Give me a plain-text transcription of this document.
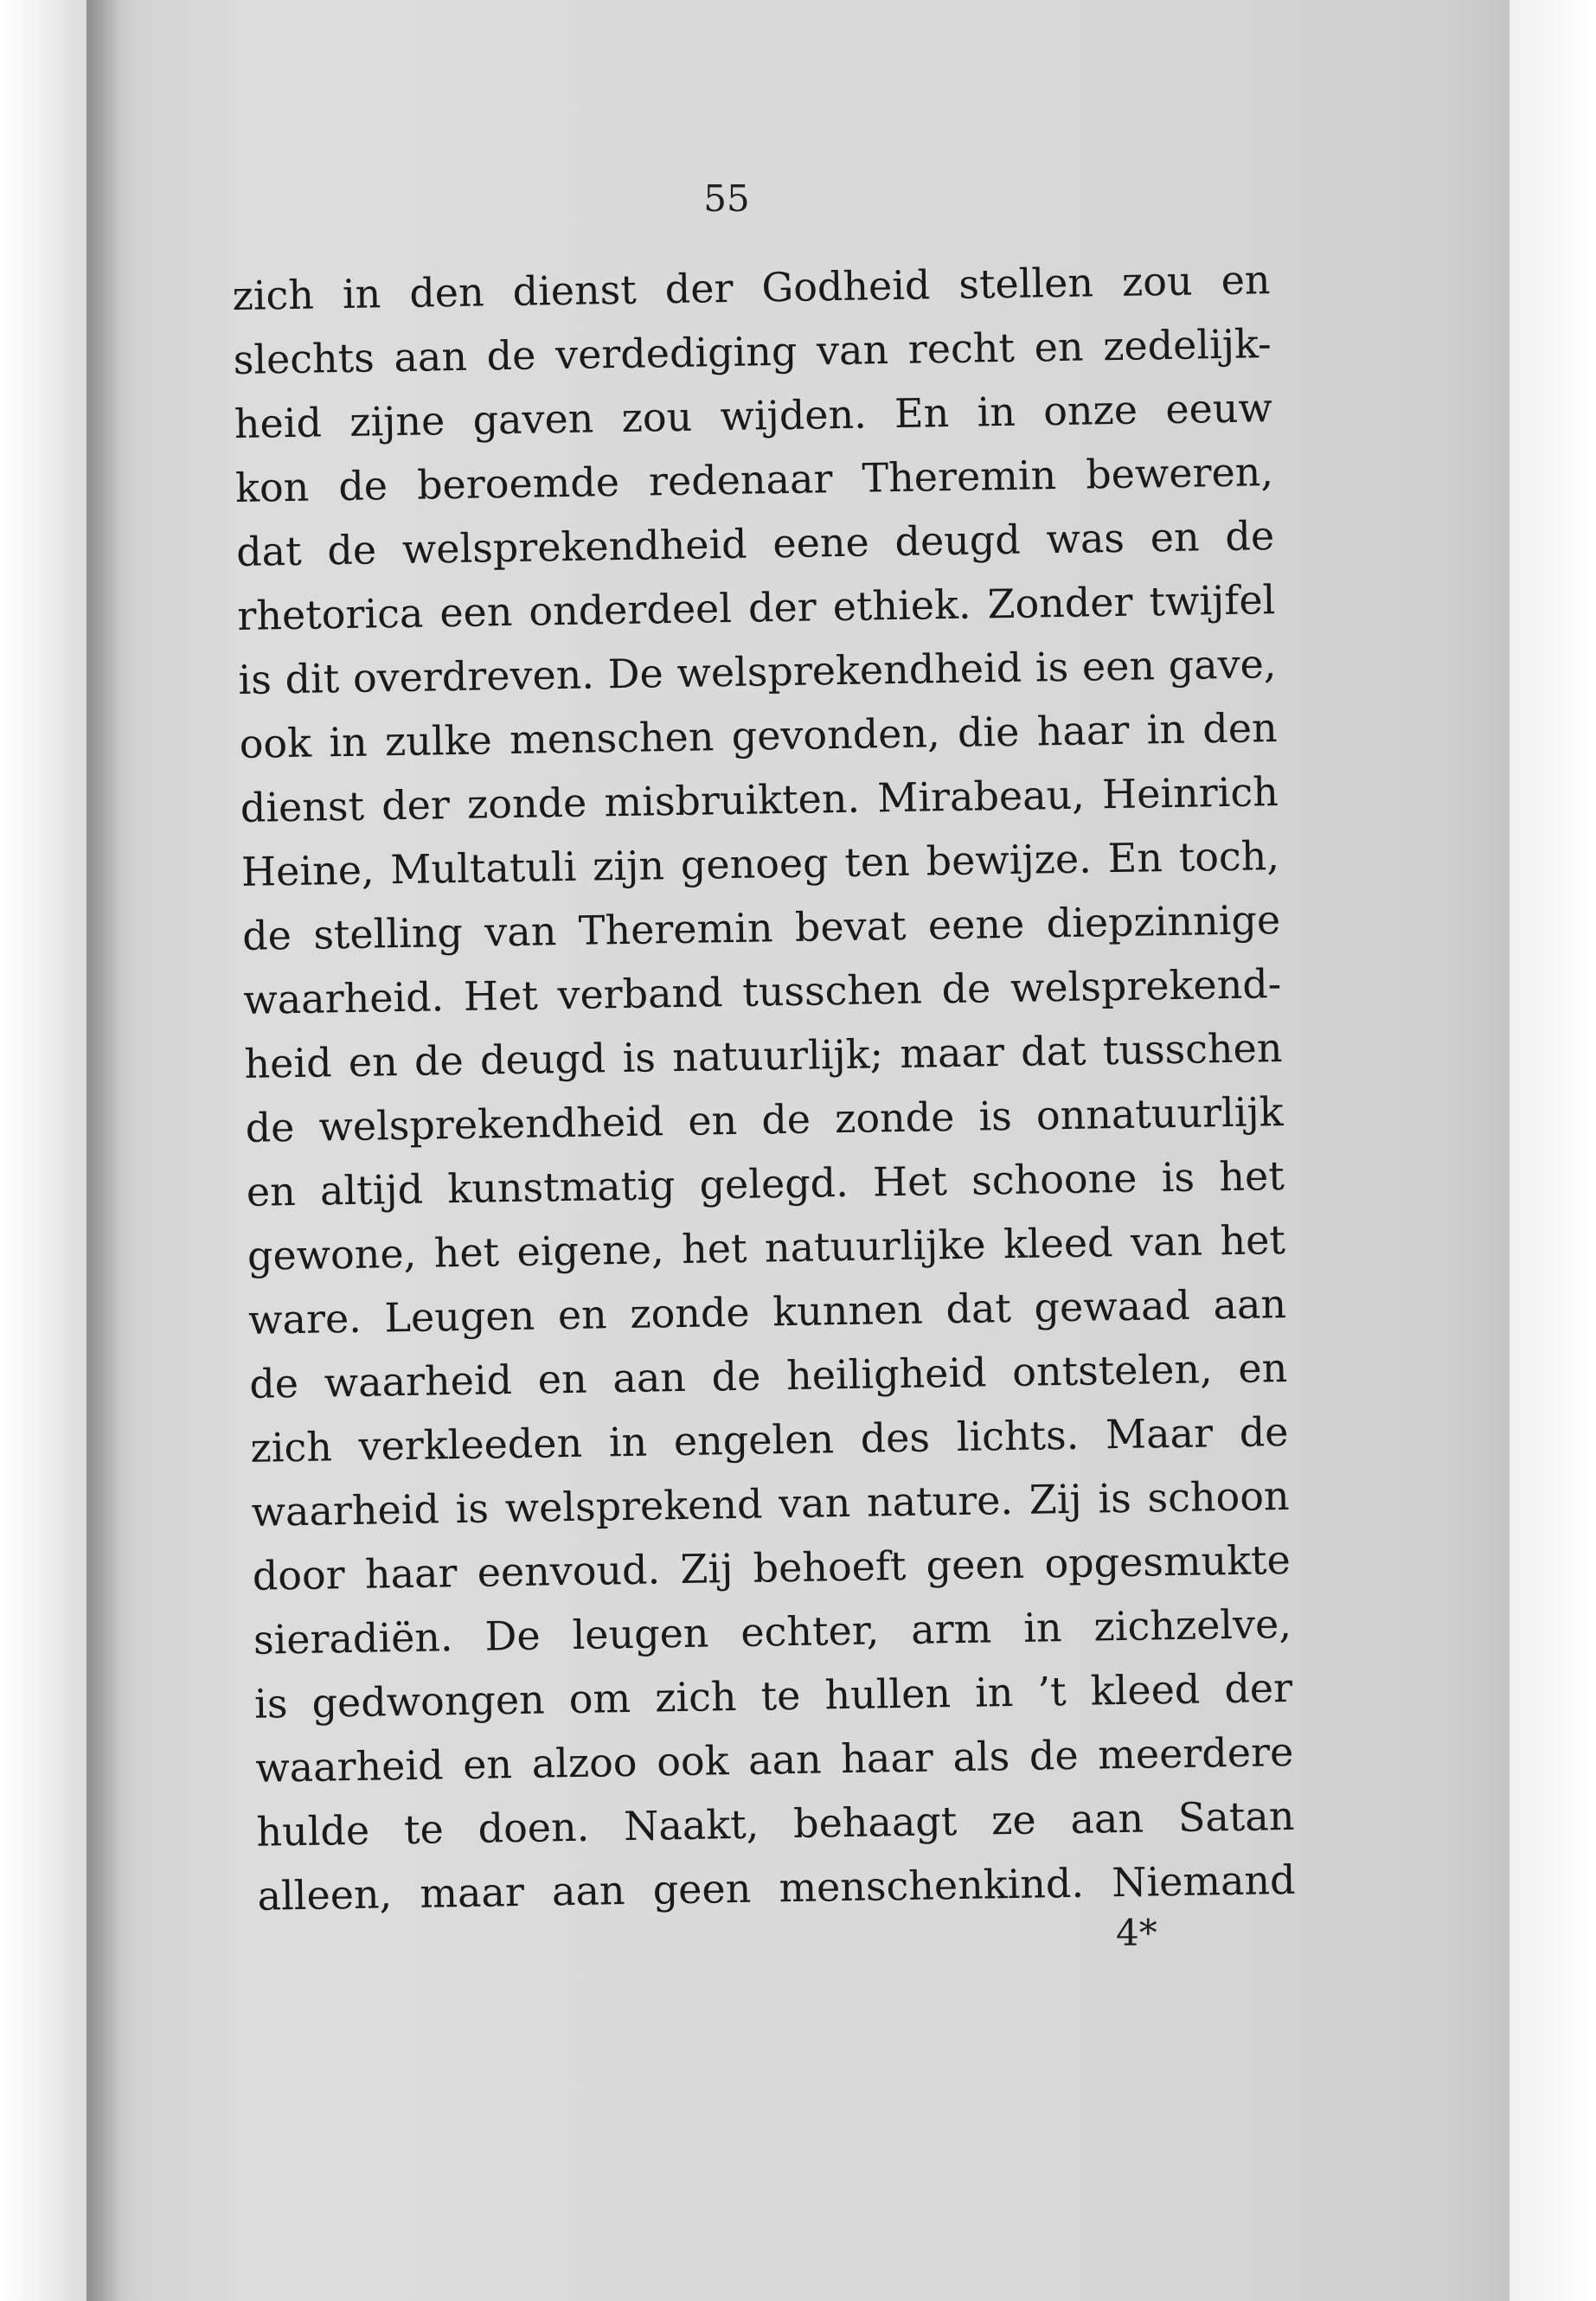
55
zich in den dienst der Godheid stellen zou en
slechts aan de verdediging van recht en zedelijk-
heid zijne gaven zou wijden. En in onze eeuw
kon de beroemde redenaar Theremin beweren,
dat de welsprekendheid eene deugd was en de
rhetorica een onderdeel der ethiek. Zonder twijfel
is dit overdreven. De welsprekendheid is een gave,
ook in zulke menschen gevonden, die haar in den
dienst der zonde misbruikten. Mirabeau, Heinrich
Heine, Multatuli zijn genoeg ten bewijze. En toch,
de stelling van Theremin bevat eene diepzinnige
waarheid. Het verband tusschen de welsprekend-
heid en de deugd is natuurlijk; maar dat tusschen
de welsprekendheid en de zonde is onnatuurlijk
en altijd kunstmatig gelegd. Het schoone is het
gewone, het eigene, het natuurlijke kleed van het
ware. Leugen en zonde kunnen dat gewaad aan
de waarheid en aan de heiligheid ontstelen, en
zich verkleeden in engelen des lichts. Maar de
waarheid is welsprekend van nature. Zij is schoon
door haar eenvoud. Zij behoeft geen opgesmukte
sieradiën. De leugen echter, arm in zichzelve,
is gedwongen om zich te hullen in ’t kleed der
waarheid en alzoo ook aan haar als de meerdere
hulde te doen. Naakt, behaagt ze aan Satan
alleen, maar aan geen menschenkind. Niemand
4*
